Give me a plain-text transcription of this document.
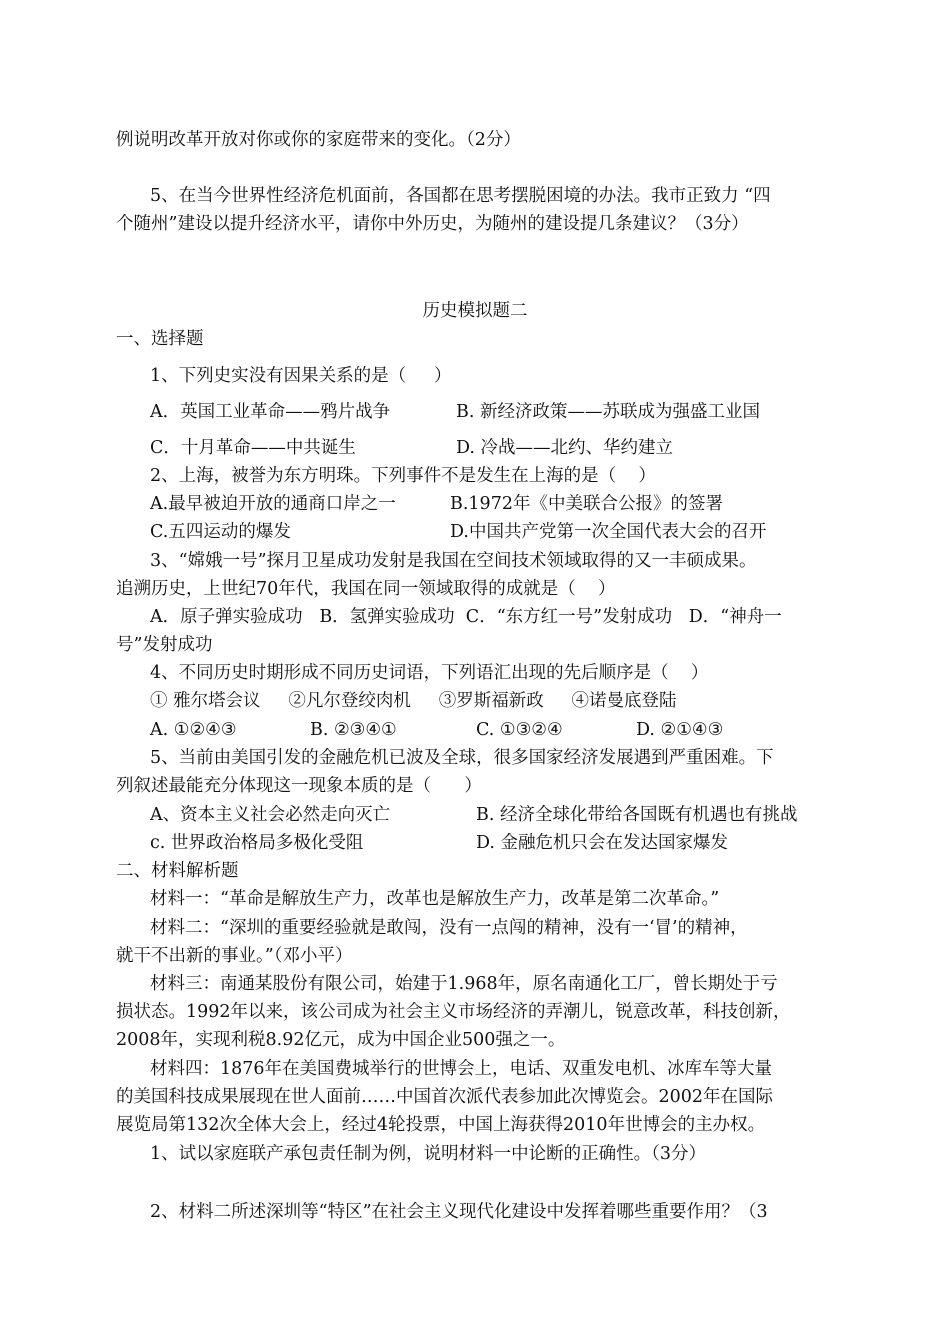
例说明改革开放对你或你的家庭带来的变化。（2分）
5、在当今世界性经济危机面前，各国都在思考摆脱困境的办法。我市正致力 “四
个随州”建设以提升经济水平，请你中外历史，为随州的建设提几条建议？（3分）
历史模拟题二
一、选择题
1、下列史实没有因果关系的是（     ）
A．英国工业革命——鸦片战争	B. 新经济政策——苏联成为强盛工业国
C．十月革命——中共诞生	D. 冷战——北约、华约建立
2、上海，被誉为东方明珠。下列事件不是发生在上海的是（    ）
A.最早被迫开放的通商口岸之一	B.1972年《中美联合公报》的签署
C.五四运动的爆发	D.中国共产党第一次全国代表大会的召开
3、“嫦娥一号”探月卫星成功发射是我国在空间技术领域取得的又一丰硕成果。
追溯历史，上世纪70年代，我国在同一领域取得的成就是（    ）
A．原子弹实验成功   B．氢弹实验成功  C．“东方红一号”发射成功   D．“神舟一
号”发射成功
4、不同历史时期形成不同历史词语，下列语汇出现的先后顺序是（    ）
① 雅尔塔会议     ②凡尔登绞肉机     ③罗斯福新政     ④诺曼底登陆
A. ①②④③	B. ②③④①	C. ①③②④	D. ②①④③
5、当前由美国引发的金融危机已波及全球，很多国家经济发展遇到严重困难。下
列叙述最能充分体现这一现象本质的是（      ）
A、资本主义社会必然走向灭亡	B. 经济全球化带给各国既有机遇也有挑战
c. 世界政治格局多极化受阻	D. 金融危机只会在发达国家爆发
二、材料解析题
材料一：“革命是解放生产力，改革也是解放生产力，改革是第二次革命。”
材料二：“深圳的重要经验就是敢闯，没有一点闯的精神，没有一‘冒’的精神，
就干不出新的事业。”（邓小平）
材料三：南通某股份有限公司，始建于1.968年，原名南通化工厂，曾长期处于亏
损状态。1992年以来，该公司成为社会主义市场经济的弄潮儿，锐意改革，科技创新，
2008年，实现利税8.92亿元，成为中国企业500强之一。
材料四：1876年在美国费城举行的世博会上，电话、双重发电机、冰库车等大量
的美国科技成果展现在世人面前……中国首次派代表参加此次博览会。2002年在国际
展览局第132次全体大会上，经过4轮投票，中国上海获得2010年世博会的主办权。
1、试以家庭联产承包责任制为例，说明材料一中论断的正确性。（3分）
2、材料二所述深圳等“特区”在社会主义现代化建设中发挥着哪些重要作用？（3
